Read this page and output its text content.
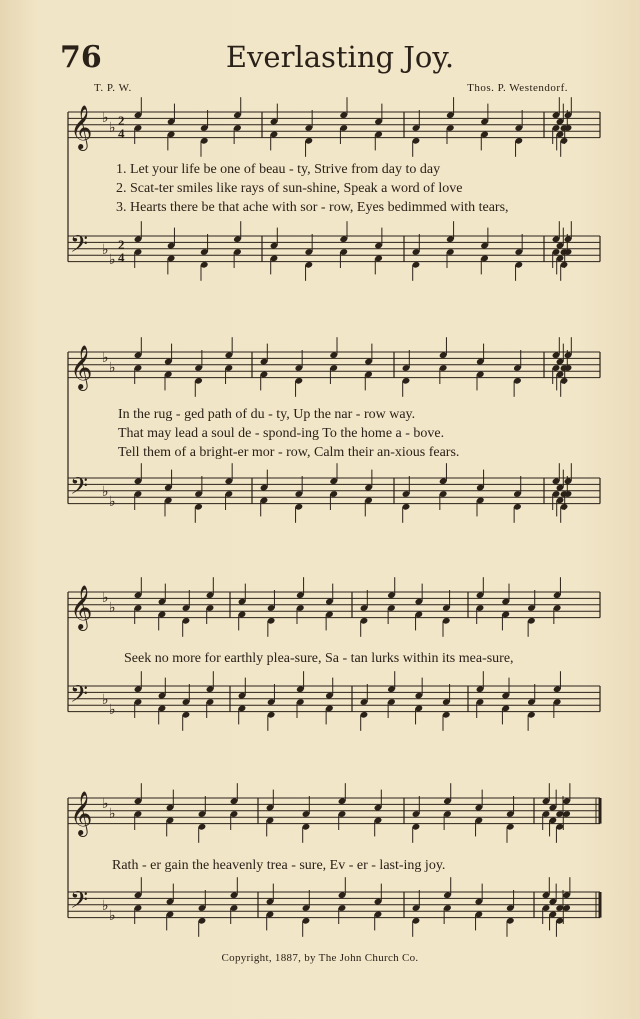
76	Everlasting Joy.
T. P. W.	Thos. P. Westendorf.
𝄞 ♭
♭
2
4
𝄢 ♭
♭
2
4
𝄞 ♭
♭
𝄢 ♭
♭
𝄞 ♭
♭
𝄢 ♭
♭
𝄞 ♭
♭
𝄢 ♭
♭
1. Let your life be one of beau - ty, Strive from day to day
2. Scat-ter smiles like rays of sun-shine, Speak a word of love
3. Hearts there be that ache with sor - row, Eyes bedimmed with tears,
In the rug - ged path of du - ty, Up the nar - row way.
That may lead a soul de - spond-ing To the home a - bove.
Tell them of a bright-er mor - row, Calm their an-xious fears.
Seek no more for earthly plea-sure, Sa - tan lurks within its mea-sure,
Rath - er gain the heavenly trea - sure, Ev - er - last-ing joy.
Copyright, 1887, by The John Church Co.
